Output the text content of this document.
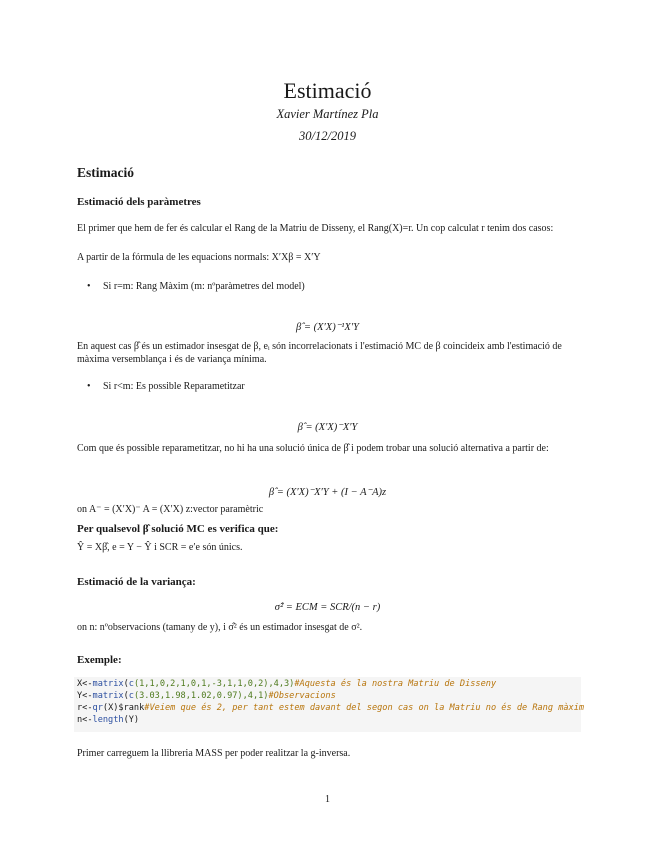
Estimació
Xavier Martínez Pla
30/12/2019
Estimació
Estimació dels paràmetres
El primer que hem de fer és calcular el Rang de la Matriu de Disseny, el Rang(X)=r. Un cop calculat r tenim dos casos:
A partir de la fórmula de les equacions normals: X′Xβ = X′Y
• Si r=m: Rang Màxim (m: nºparàmetres del model)
β̂ = (X′X)⁻¹X′Y
En aquest cas β̂ és un estimador insesgat de β, eᵢ són incorrelacionats i l'estimació MC de β coincideix amb l'estimació de màxima versemblança i és de variança mínima.
• Si r<m: Es possible Reparametitzar
β̂ = (X′X)⁻X′Y
Com que és possible reparametitzar, no hi ha una solució única de β̂ i podem trobar una solució alternativa a partir de:
β̂ = (X′X)⁻X′Y + (I − A⁻A)z
on A⁻ = (X′X)⁻ A = (X′X) z:vector paramètric
Per qualsevol β̂ solució MC es verifica que:
Ŷ = Xβ̂, e = Y − Ŷ i SCR = e′e són únics.
Estimació de la variança:
σ̂² = ECM = SCR/(n − r)
on n: nºobservacions (tamany de y), i σ̂² és un estimador insesgat de σ².
Exemple:
X<-matrix(c(1,1,0,2,1,0,1,-3,1,1,0,2),4,3)#Aquesta és la nostra Matriu de Disseny
Y<-matrix(c(3.03,1.98,1.02,0.97),4,1)#Observacions
r<-qr(X)$rank#Veiem que és 2, per tant estem davant del segon cas on la Matriu no és de Rang màxim
n<-length(Y)
Primer carreguem la llibreria MASS per poder realitzar la g-inversa.
1
